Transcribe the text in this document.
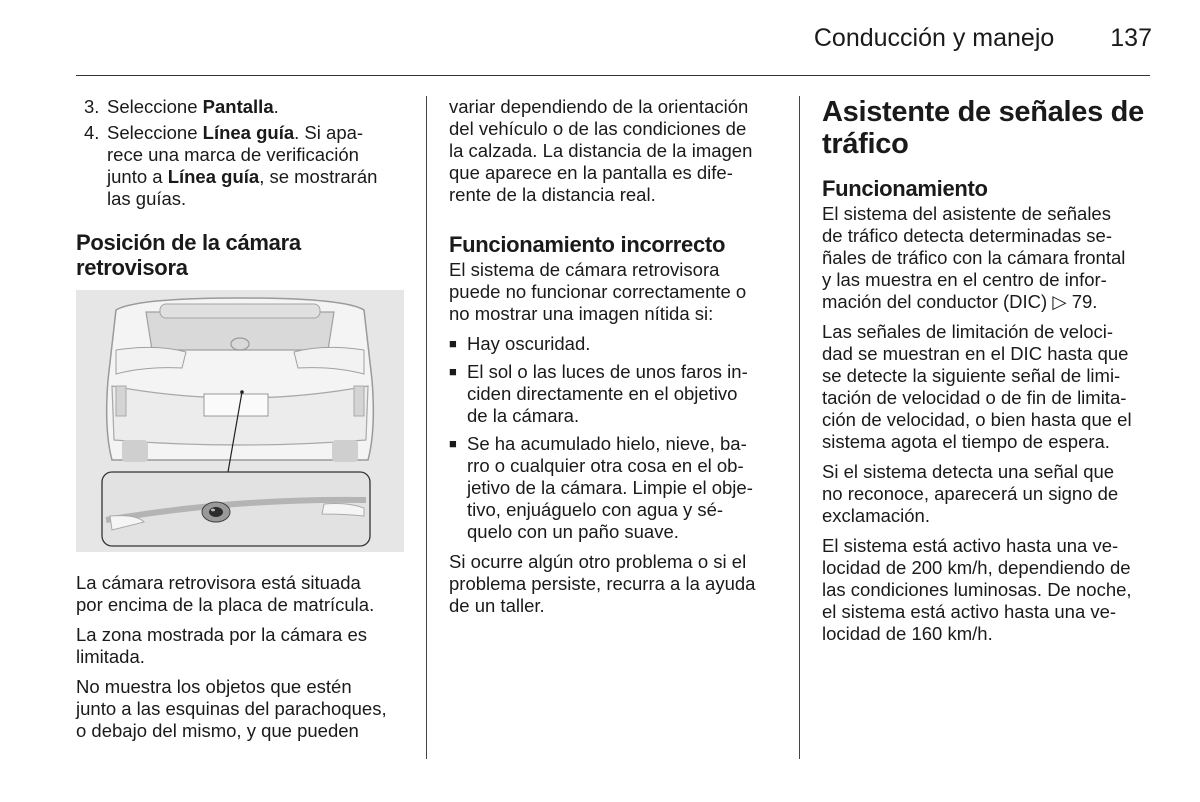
Conducción y manejo 137
3. Seleccione Pantalla.
4. Seleccione Línea guía. Si apa-
rece una marca de verificación
junto a Línea guía, se mostrarán
las guías.
Posición de la cámara
retrovisora

La cámara retrovisora está situada
por encima de la placa de matrícula.

La zona mostrada por la cámara es
limitada.

No muestra los objetos que estén
junto a las esquinas del parachoques,
o debajo del mismo, y que pueden

variar dependiendo de la orientación
del vehículo o de las condiciones de
la calzada. La distancia de la imagen
que aparece en la pantalla es dife-
rente de la distancia real.

Funcionamiento incorrecto

El sistema de cámara retrovisora
puede no funcionar correctamente o
no mostrar una imagen nítida si:

■ Hay oscuridad.
■ El sol o las luces de unos faros in-
ciden directamente en el objetivo
de la cámara.
■ Se ha acumulado hielo, nieve, ba-
rro o cualquier otra cosa en el ob-
jetivo de la cámara. Limpie el obje-
tivo, enjuáguelo con agua y sé-
quelo con un paño suave.

Si ocurre algún otro problema o si el
problema persiste, recurra a la ayuda
de un taller.

Asistente de señales de
tráfico
Funcionamiento

El sistema del asistente de señales
de tráfico detecta determinadas se-
ñales de tráfico con la cámara frontal
y las muestra en el centro de infor-
mación del conductor (DIC) ▷ 79.

Las señales de limitación de veloci-
dad se muestran en el DIC hasta que
se detecte la siguiente señal de limi-
tación de velocidad o de fin de limita-
ción de velocidad, o bien hasta que el
sistema agota el tiempo de espera.

Si el sistema detecta una señal que
no reconoce, aparecerá un signo de
exclamación.

El sistema está activo hasta una ve-
locidad de 200 km/h, dependiendo de
las condiciones luminosas. De noche,
el sistema está activo hasta una ve-
locidad de 160 km/h.
